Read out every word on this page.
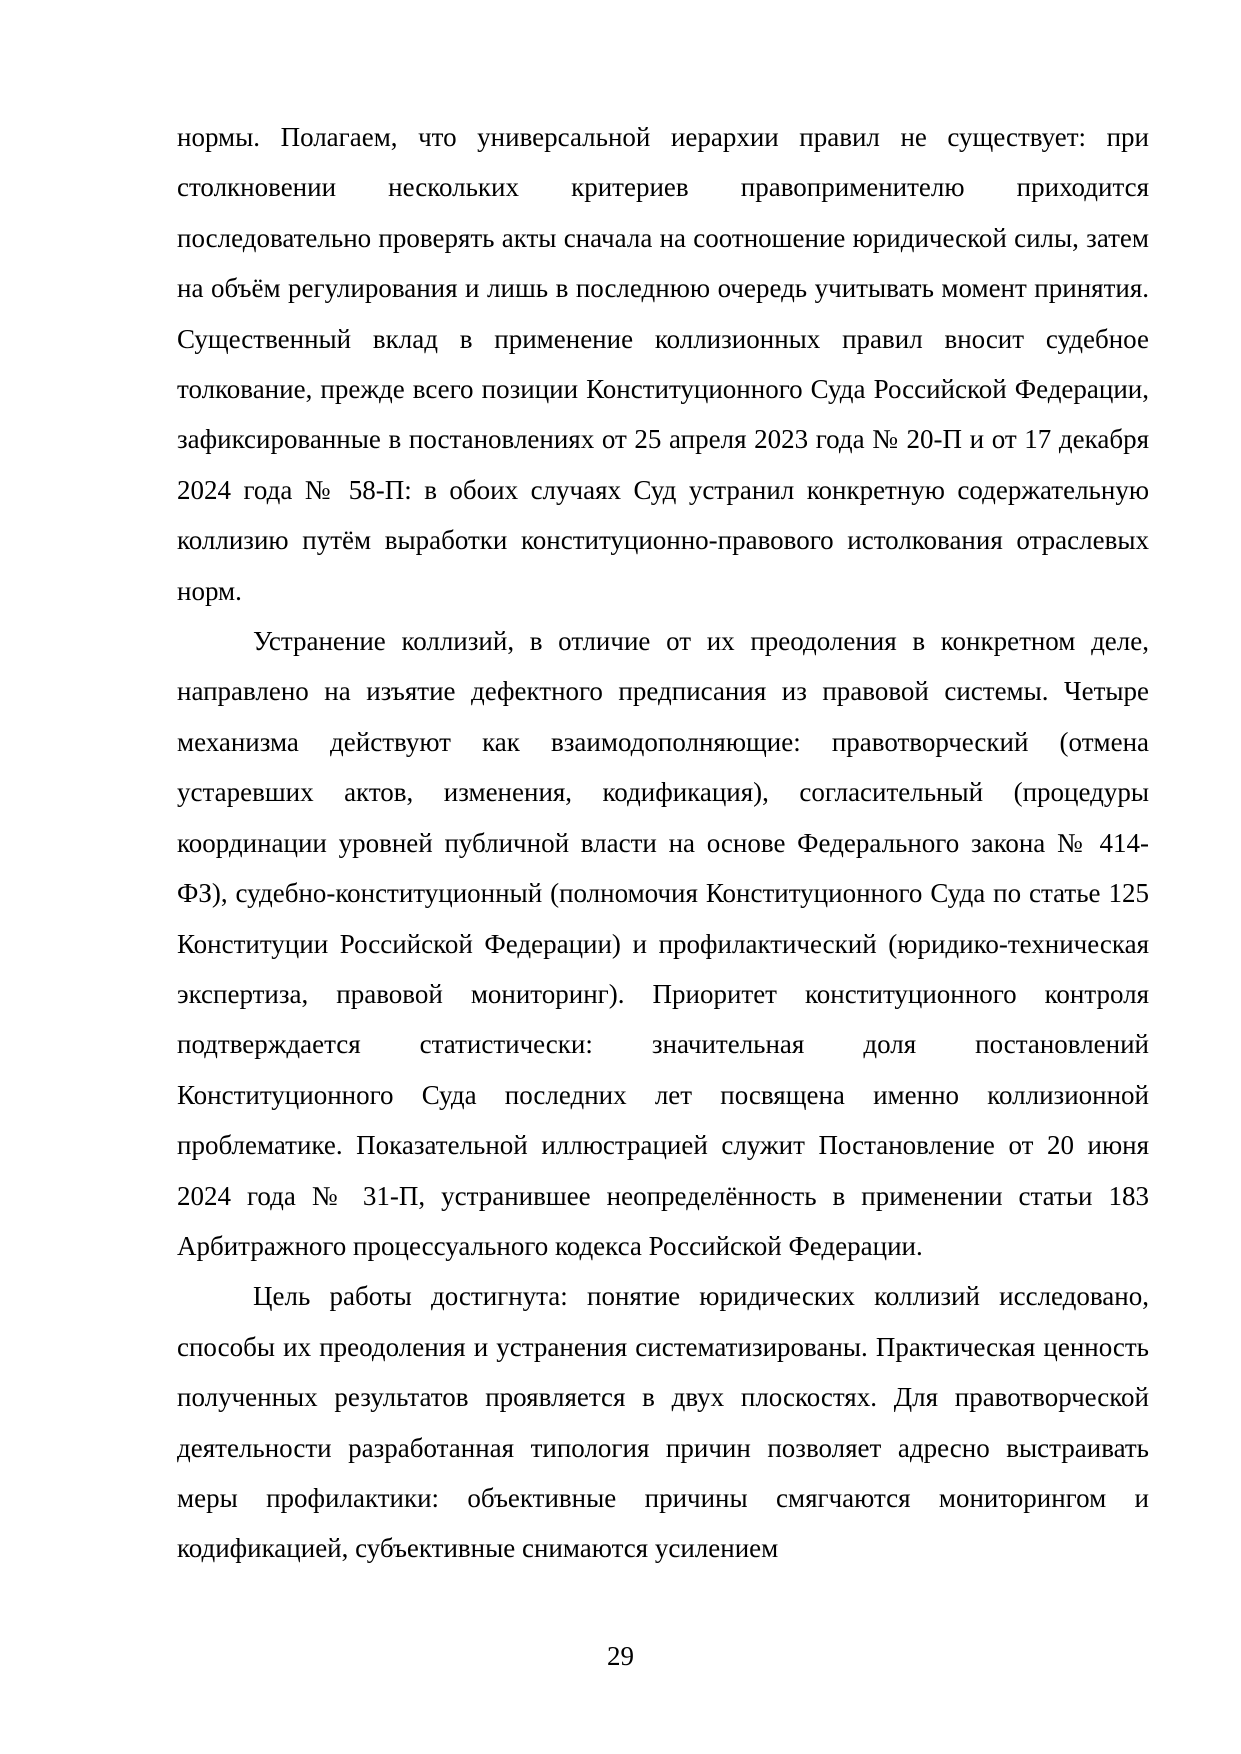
нормы. Полагаем, что универсальной иерархии правил не существует: при столкновении нескольких критериев правоприменителю приходится последовательно проверять акты сначала на соотношение юридической силы, затем на объём регулирования и лишь в последнюю очередь учитывать момент принятия. Существенный вклад в применение коллизионных правил вносит судебное толкование, прежде всего позиции Конституционного Суда Российской Федерации, зафиксированные в постановлениях от 25 апреля 2023 года № 20-П и от 17 декабря 2024 года № 58-П: в обоих случаях Суд устранил конкретную содержательную коллизию путём выработки конституционно-правового истолкования отраслевых норм.

Устранение коллизий, в отличие от их преодоления в конкретном деле, направлено на изъятие дефектного предписания из правовой системы. Четыре механизма действуют как взаимодополняющие: правотворческий (отмена устаревших актов, изменения, кодификация), согласительный (процедуры координации уровней публичной власти на основе Федерального закона № 414-ФЗ), судебно-конституционный (полномочия Конституционного Суда по статье 125 Конституции Российской Федерации) и профилактический (юридико-техническая экспертиза, правовой мониторинг). Приоритет конституционного контроля подтверждается статистически: значительная доля постановлений Конституционного Суда последних лет посвящена именно коллизионной проблематике. Показательной иллюстрацией служит Постановление от 20 июня 2024 года № 31-П, устранившее неопределённость в применении статьи 183 Арбитражного процессуального кодекса Российской Федерации.

Цель работы достигнута: понятие юридических коллизий исследовано, способы их преодоления и устранения систематизированы. Практическая ценность полученных результатов проявляется в двух плоскостях. Для правотворческой деятельности разработанная типология причин позволяет адресно выстраивать меры профилактики: объективные причины смягчаются мониторингом и кодификацией, субъективные снимаются усилением

29
